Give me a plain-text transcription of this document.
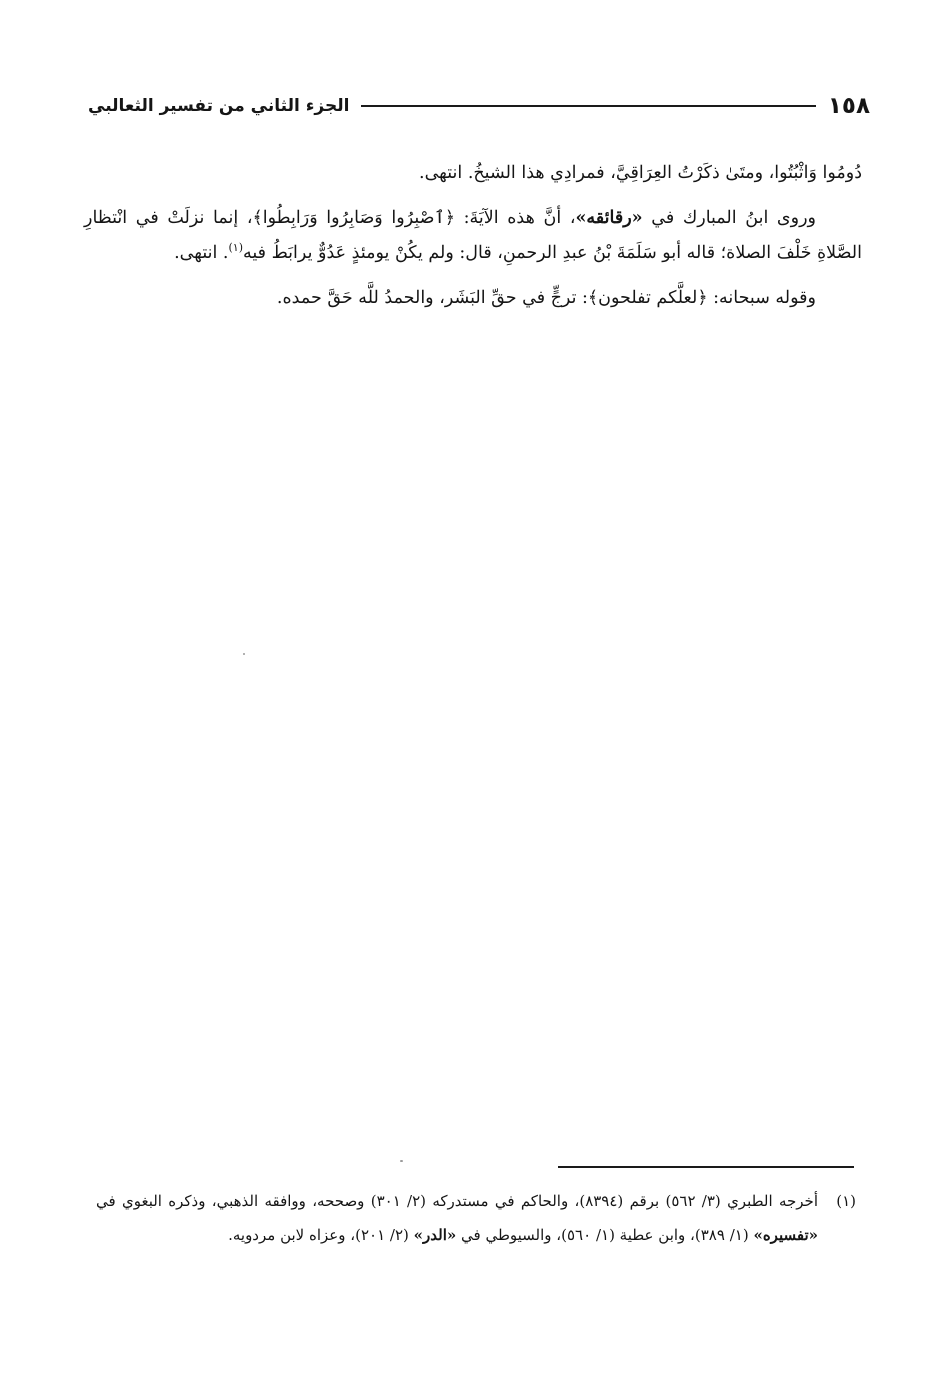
١٥٨
الجزء الثاني من تفسير الثعالبي

دُومُوا وَاثْبُتُوا، ومتَىٰ ذكَرْتُ العِرَاقِيَّ، فمرادِي هذا الشيخُ. انتهى.

وروى ابنُ المبارك في «رقائقه»، أنَّ هذه الآيَةَ: ﴿ٱصْبِرُوا وَصَابِرُوا وَرَابِطُوا﴾، إنما نزلَتْ في انْتظارِ الصَّلاةِ خَلْفَ الصلاة؛ قاله أبو سَلَمَةَ بْنُ عبدِ الرحمنِ، قال: ولم يكُنْ يومئذٍ عَدُوٌّ يرابَطُ فيه$^{(١)}$. انتهى.

وقوله سبحانه: ﴿لعلَّكم تفلحون﴾: ترجٍّ في حقِّ البَشَر، والحمدُ للَّه حَقَّ حمده.

(١)
أخرجه الطبري (٣/ ٥٦٢) برقم (٨٣٩٤)، والحاكم في مستدركه (٢/ ٣٠١) وصححه، ووافقه الذهبي، وذكره البغوي في «تفسيره» (١/ ٣٨٩)، وابن عطية (١/ ٥٦٠)، والسيوطي في «الدر» (٢/ ٢٠١)، وعزاه لابن مردويه.
